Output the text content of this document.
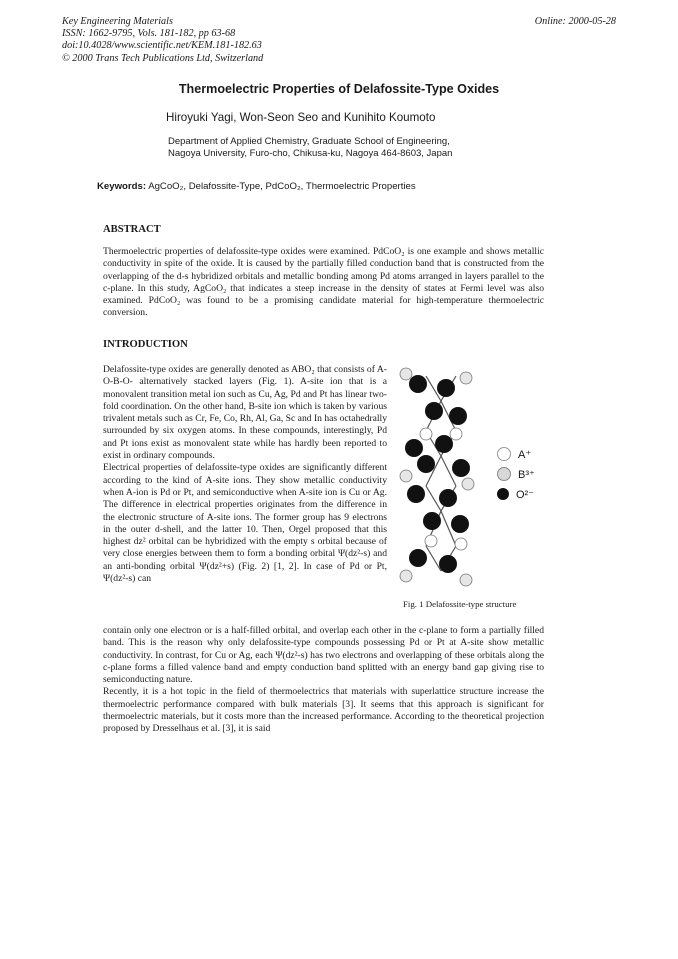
Key Engineering Materials
ISSN: 1662-9795, Vols. 181-182, pp 63-68
doi:10.4028/www.scientific.net/KEM.181-182.63
© 2000 Trans Tech Publications Ltd, Switzerland
Online: 2000-05-28
Thermoelectric Properties of Delafossite-Type Oxides
Hiroyuki Yagi, Won-Seon Seo and Kunihito Koumoto
Department of Applied Chemistry, Graduate School of Engineering,
Nagoya University, Furo-cho, Chikusa-ku, Nagoya 464-8603, Japan
Keywords: AgCoO₂, Delafossite-Type, PdCoO₂, Thermoelectric Properties
ABSTRACT

Thermoelectric properties of delafossite-type oxides were examined. PdCoO₂ is one example and shows metallic conductivity in spite of the oxide. It is caused by the partially filled conduction band that is constructed from the overlapping of the d-s hybridized orbitals and metallic bonding among Pd atoms arranged in layers parallel to the c-plane. In this study, AgCoO₂ that indicates a steep increase in the density of states at Fermi level was also examined. PdCoO₂ was found to be a promising candidate material for high-temperature thermoelectric conversion.

INTRODUCTION

Delafossite-type oxides are generally denoted as ABO₂ that consists of A-O-B-O- alternatively stacked layers (Fig. 1). A-site ion that is a monovalent transition metal ion such as Cu, Ag, Pd and Pt has linear two-fold coordination. On the other hand, B-site ion which is taken by various trivalent metals such as Cr, Fe, Co, Rh, Al, Ga, Sc and In has octahedrally surrounded by six oxygen atoms. In these compounds, interestingly, Pd and Pt ions exist as monovalent state while has hardly been reported to exist in ordinary compounds.

Electrical properties of delafossite-type oxides are significantly different according to the kind of A-site ions. They show metallic conductivity when A-ion is Pd or Pt, and semiconductive when A-site ion is Cu or Ag. The difference in electrical properties originates from the difference in the electronic structure of A-site ions. The former group has 9 electrons in the outer d-shell, and the latter 10. Then, Orgel proposed that this highest dz² orbital can be hybridized with the empty s orbital because of very close energies between them to form a bonding orbital Ψ(dz²-s) and an anti-bonding orbital Ψ(dz²+s) (Fig. 2) [1, 2]. In case of Pd or Pt, Ψ(dz²-s) can

contain only one electron or is a half-filled orbital, and overlap each other in the c-plane to form a partially filled band. This is the reason why only delafossite-type compounds possessing Pd or Pt at A-site show metallic conductivity. In contrast, for Cu or Ag, each Ψ(dz²-s) has two electrons and overlapping of these orbitals along the c-plane forms a filled valence band and empty conduction band splitted with an energy band gap giving rise to semiconducting nature.

Recently, it is a hot topic in the field of thermoelectrics that materials with superlattice structure increase the thermoelectric performance compared with bulk materials [3]. It seems that this approach is significant for thermoelectric materials, but it costs more than the increased performance. According to the theoretical projection proposed by Dresselhaus et al. [3], it is said

A⁺
B³⁺
O²⁻
Fig. 1 Delafossite-type structure
